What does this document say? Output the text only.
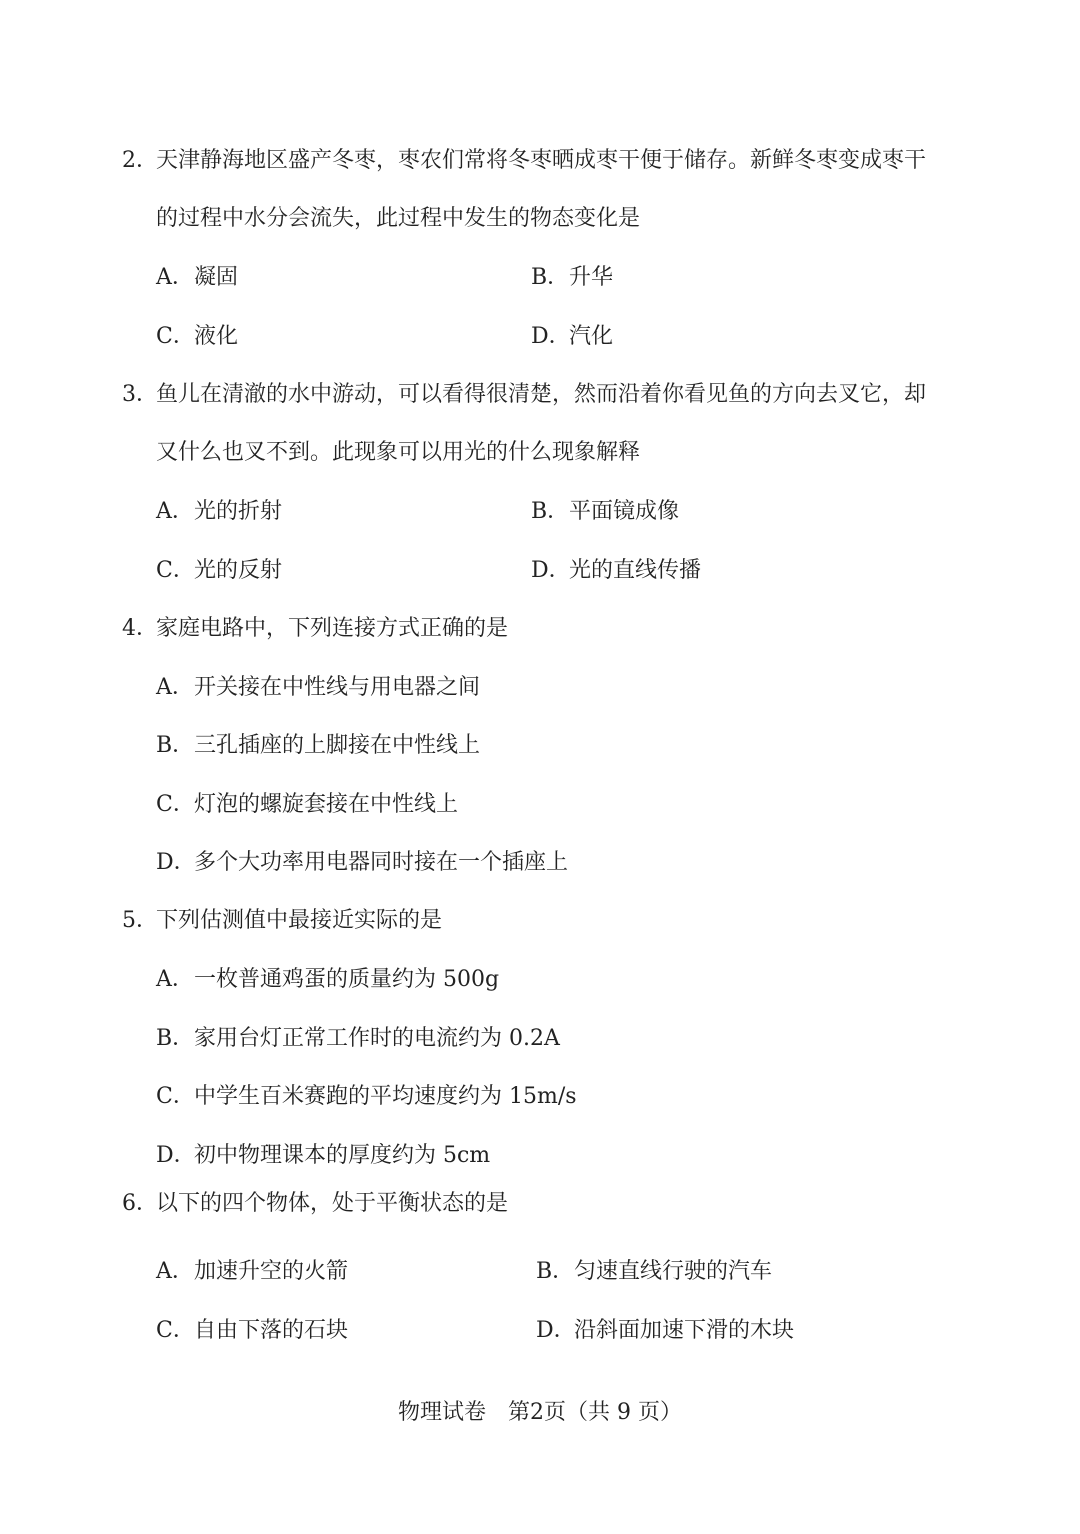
2．天津静海地区盛产冬枣，枣农们常将冬枣晒成枣干便于储存。新鲜冬枣变成枣干
的过程中水分会流失，此过程中发生的物态变化是
A．凝固	B．升华
C．液化	D．汽化
3．鱼儿在清澈的水中游动，可以看得很清楚，然而沿着你看见鱼的方向去叉它，却
又什么也叉不到。此现象可以用光的什么现象解释
A．光的折射	B．平面镜成像
C．光的反射	D．光的直线传播
4．家庭电路中，下列连接方式正确的是
A．开关接在中性线与用电器之间
B．三孔插座的上脚接在中性线上
C．灯泡的螺旋套接在中性线上
D．多个大功率用电器同时接在一个插座上
5．下列估测值中最接近实际的是
A．一枚普通鸡蛋的质量约为 500g
B．家用台灯正常工作时的电流约为 0.2A
C．中学生百米赛跑的平均速度约为 15m/s
D．初中物理课本的厚度约为 5cm
6．以下的四个物体，处于平衡状态的是
A．加速升空的火箭	B．匀速直线行驶的汽车
C．自由下落的石块	D．沿斜面加速下滑的木块
物理试卷　第2页（共 9 页）
